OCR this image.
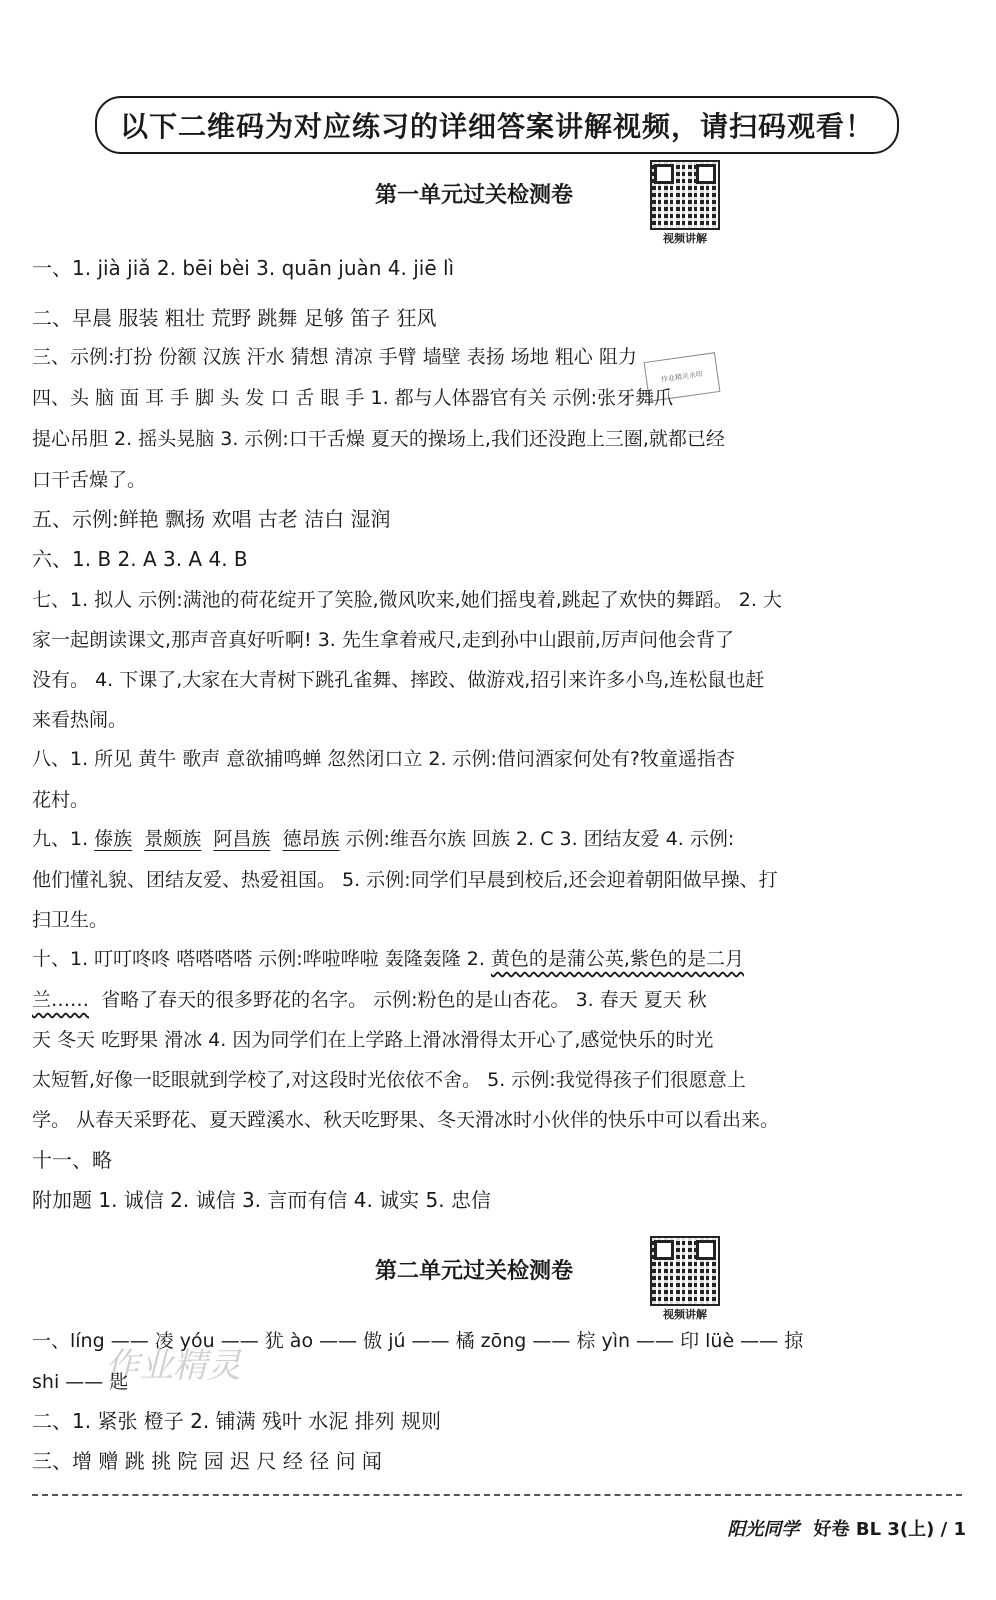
以下二维码为对应练习的详细答案讲解视频，请扫码观看！
第一单元过关检测卷
视频讲解
作业精灵水印
一、1. jià jiǎ 2. bēi bèi 3. quān juàn 4. jiē lì
二、早晨 服装 粗壮 荒野 跳舞 足够 笛子 狂风
三、示例:打扮 份额 汉族 汗水 猜想 清凉 手臂 墙壁 表扬 场地 粗心 阻力
四、头 脑 面 耳 手 脚 头 发 口 舌 眼 手 1. 都与人体器官有关 示例:张牙舞爪
提心吊胆 2. 摇头晃脑 3. 示例:口干舌燥 夏天的操场上,我们还没跑上三圈,就都已经
口干舌燥了。
五、示例:鲜艳 飘扬 欢唱 古老 洁白 湿润
六、1. B 2. A 3. A 4. B
七、1. 拟人 示例:满池的荷花绽开了笑脸,微风吹来,她们摇曳着,跳起了欢快的舞蹈。 2. 大
家一起朗读课文,那声音真好听啊! 3. 先生拿着戒尺,走到孙中山跟前,厉声问他会背了
没有。 4. 下课了,大家在大青树下跳孔雀舞、摔跤、做游戏,招引来许多小鸟,连松鼠也赶
来看热闹。
八、1. 所见 黄牛 歌声 意欲捕鸣蝉 忽然闭口立 2. 示例:借问酒家何处有?牧童遥指杏
花村。
九、1. 傣族 景颇族 阿昌族 德昂族 示例:维吾尔族 回族 2. C 3. 团结友爱 4. 示例:
他们懂礼貌、团结友爱、热爱祖国。 5. 示例:同学们早晨到校后,还会迎着朝阳做早操、打
扫卫生。
十、1. 叮叮咚咚 嗒嗒嗒嗒 示例:哗啦哗啦 轰隆轰隆 2. 黄色的是蒲公英,紫色的是二月
兰…… 省略了春天的很多野花的名字。 示例:粉色的是山杏花。 3. 春天 夏天 秋
天 冬天 吃野果 滑冰 4. 因为同学们在上学路上滑冰滑得太开心了,感觉快乐的时光
太短暂,好像一眨眼就到学校了,对这段时光依依不舍。 5. 示例:我觉得孩子们很愿意上
学。 从春天采野花、夏天蹚溪水、秋天吃野果、冬天滑冰时小伙伴的快乐中可以看出来。
十一、略
附加题 1. 诚信 2. 诚信 3. 言而有信 4. 诚实 5. 忠信
第二单元过关检测卷
视频讲解
作业精灵
一、líng —— 凌 yóu —— 犹 ào —— 傲 jú —— 橘 zōng —— 棕 yìn —— 印 lüè —— 掠
shi —— 匙
二、1. 紧张 橙子 2. 铺满 残叶 水泥 排列 规则
三、增 赠 跳 挑 院 园 迟 尺 经 径 问 闻
阳光同学 好卷 BL 3(上) / 1
